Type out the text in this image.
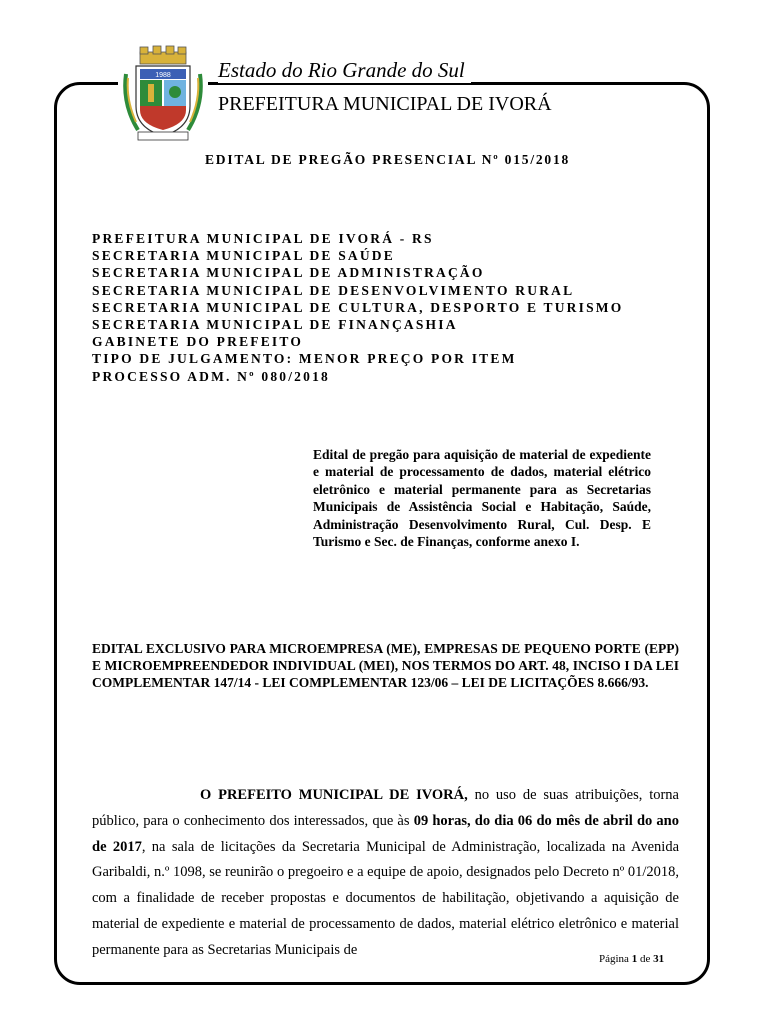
1988 Estado do Rio Grande do Sul
PREFEITURA MUNICIPAL DE IVORÁ
EDITAL DE PREGÃO PRESENCIAL Nº 015/2018
PREFEITURA MUNICIPAL DE IVORÁ - RS
SECRETARIA MUNICIPAL DE SAÚDE
SECRETARIA MUNICIPAL DE ADMINISTRAÇÃO
SECRETARIA MUNICIPAL DE DESENVOLVIMENTO RURAL
SECRETARIA MUNICIPAL DE CULTURA, DESPORTO E TURISMO
SECRETARIA MUNICIPAL DE FINANÇASHIA
GABINETE DO PREFEITO
TIPO DE JULGAMENTO: MENOR PREÇO POR ITEM
PROCESSO ADM. Nº 080/2018
Edital de pregão para aquisição de material de expediente e material de processamento de dados, material elétrico eletrônico e material permanente para as Secretarias Municipais de Assistência Social e Habitação, Saúde, Administração Desenvolvimento Rural, Cul. Desp. E Turismo e Sec. de Finanças, conforme anexo I.
EDITAL EXCLUSIVO PARA MICROEMPRESA (ME), EMPRESAS DE PEQUENO PORTE (EPP) E MICROEMPREENDEDOR INDIVIDUAL (MEI), NOS TERMOS DO ART. 48, INCISO I DA LEI COMPLEMENTAR 147/14 - LEI COMPLEMENTAR 123/06 – LEI DE LICITAÇÕES 8.666/93.

O PREFEITO MUNICIPAL DE IVORÁ, no uso de suas atribuições, torna público, para o conhecimento dos interessados, que às 09 horas, do dia 06 do mês de abril do ano de 2017, na sala de licitações da Secretaria Municipal de Administração, localizada na Avenida Garibaldi, n.º 1098, se reunirão o pregoeiro e a equipe de apoio, designados pelo Decreto nº 01/2018, com a finalidade de receber propostas e documentos de habilitação, objetivando a aquisição de material de expediente e material de processamento de dados, material elétrico eletrônico e material permanente para as Secretarias Municipais de

Página 1 de 31
